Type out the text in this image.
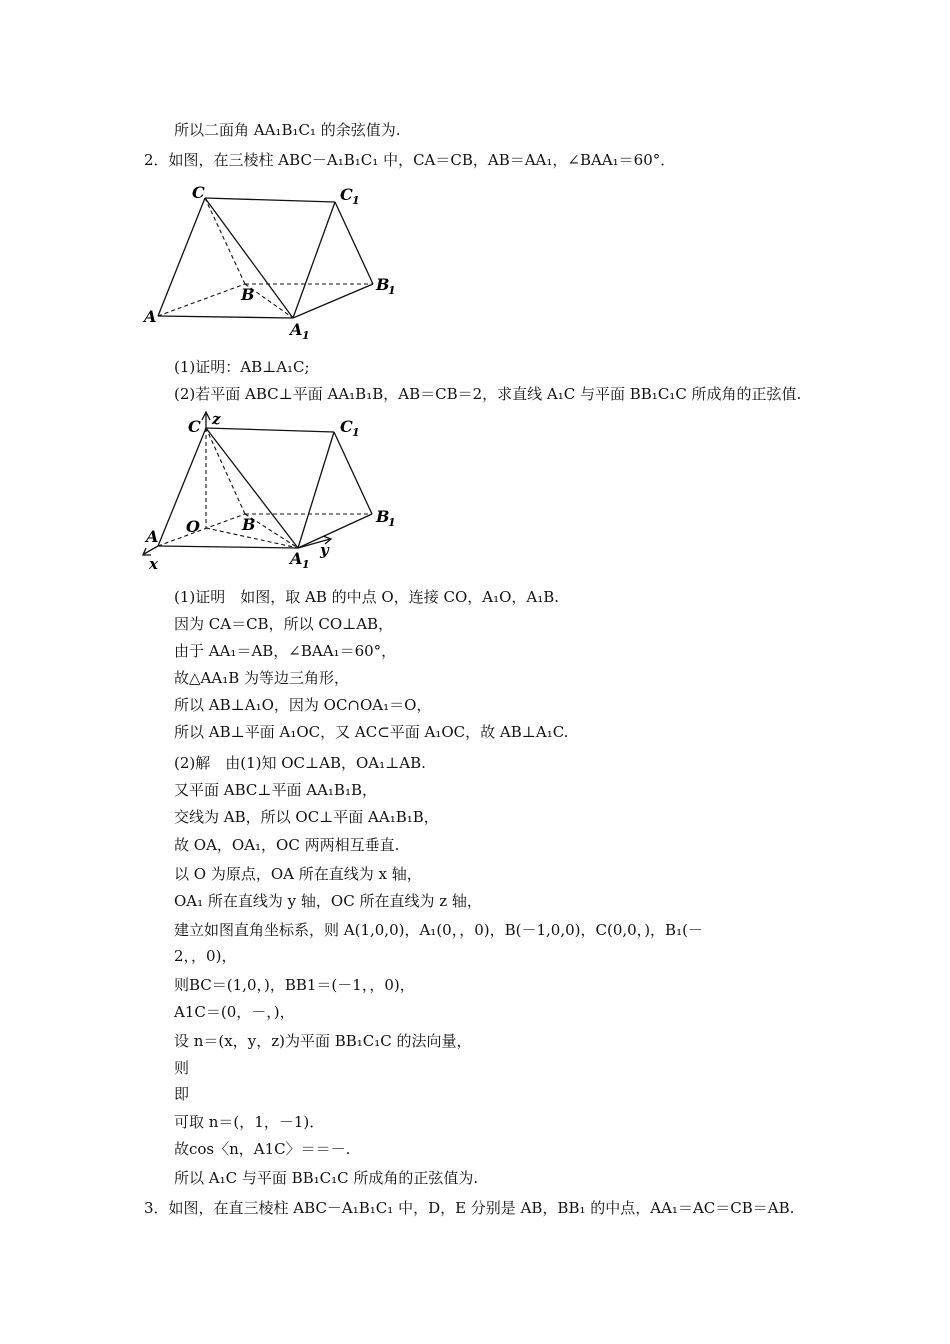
所以二面角 AA₁B₁C₁ 的余弦值为.
2．如图，在三棱柱 ABC－A₁B₁C₁ 中，CA＝CB，AB＝AA₁，∠BAA₁＝60°．
C	C 1
B
B
1
A
A 1
(1)证明：AB⊥A₁C;
(2)若平面 ABC⊥平面 AA₁B₁B，AB＝CB＝2，求直线 A₁C 与平面 BB₁C₁C 所成角的正弦值.
C z	C 1
O	B	B
1
A
A 1
x
y
(1)证明　如图，取 AB 的中点 O，连接 CO，A₁O，A₁B.
因为 CA＝CB，所以 CO⊥AB，
由于 AA₁＝AB，∠BAA₁＝60°，
故△AA₁B 为等边三角形，
所以 AB⊥A₁O，因为 OC∩OA₁＝O，
所以 AB⊥平面 A₁OC，又 AC⊂平面 A₁OC，故 AB⊥A₁C.
(2)解　由(1)知 OC⊥AB，OA₁⊥AB.
又平面 ABC⊥平面 AA₁B₁B，
交线为 AB，所以 OC⊥平面 AA₁B₁B，
故 OA，OA₁，OC 两两相互垂直.
以 O 为原点，OA 所在直线为 x 轴，
OA₁ 所在直线为 y 轴，OC 所在直线为 z 轴，
建立如图直角坐标系，则 A(1,0,0)，A₁(0，，0)，B(－1,0,0)，C(0,0，)，B₁(－
2，，0)，
则BC＝(1,0，)，BB1＝(－1，，0)，
A1C＝(0，－，)，
设 n＝(x，y，z)为平面 BB₁C₁C 的法向量，
则
即
可取 n＝(，1，－1)．
故cos〈n，A1C〉＝＝－.
所以 A₁C 与平面 BB₁C₁C 所成角的正弦值为.
3．如图，在直三棱柱 ABC－A₁B₁C₁ 中，D，E 分别是 AB，BB₁ 的中点，AA₁＝AC＝CB＝AB.
